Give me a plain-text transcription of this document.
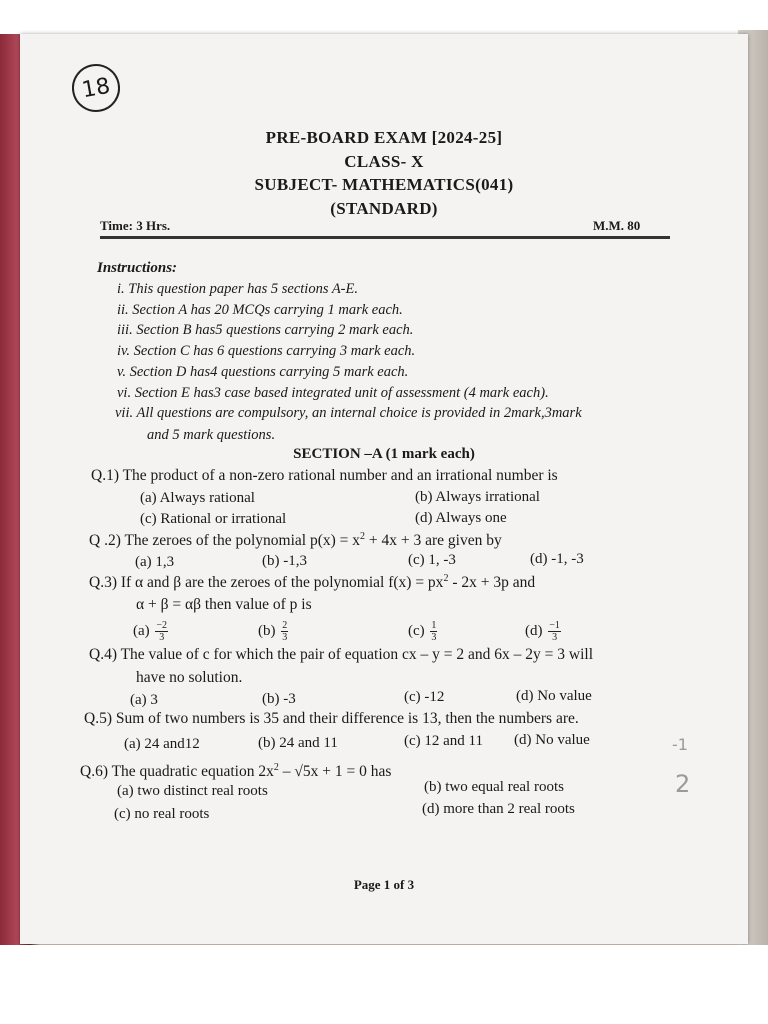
18
PRE-BOARD EXAM [2024-25]
CLASS- X
SUBJECT- MATHEMATICS(041)
(STANDARD)
Time: 3 Hrs.	M.M. 80
Instructions:
i. This question paper has 5 sections A-E.
ii. Section A has 20 MCQs carrying 1 mark each.
iii. Section B has5 questions carrying 2 mark each.
iv. Section C has 6 questions carrying 3 mark each.
v. Section D has4 questions carrying 5 mark each.
vi. Section E has3 case based integrated unit of assessment (4 mark each).
vii. All questions are compulsory, an internal choice is provided in 2mark,3mark
and 5 mark questions.
SECTION –A (1 mark each)
Q.1) The product of a non-zero rational number and an irrational number is
(a) Always rational	(b) Always irrational
(c) Rational or irrational	(d) Always one
Q .2) The zeroes of the polynomial $p(x) = x^2 + 4x + 3$ are given by
(a) 1,3	(b) -1,3	(c) 1, -3	(d) -1, -3
Q.3) If α and β are the zeroes of the polynomial $f(x) = px^2 - 2x + 3p$ and
α + β = αβ then value of p is
$(a) \frac{-2}{3}$	$(b) \frac{2}{3}$	$(c) \frac{1}{3}$	$(d) \frac{-1}{3}$
Q.4) The value of c for which the pair of equation cx – y = 2 and 6x – 2y = 3 will
have no solution.
(a) 3	(b) -3	(c) -12	(d) No value
Q.5) Sum of two numbers is 35 and their difference is 13, then the numbers are.
(a) 24 and12	(b) 24 and 11	(c) 12 and 11 (d) No value
Q.6) The quadratic equation $2x^2 - √5x + 1 = 0$ has
(a) two distinct real roots	(b) two equal real roots
(c) no real roots	(d) more than 2 real roots
-1
2
Page 1 of 3
